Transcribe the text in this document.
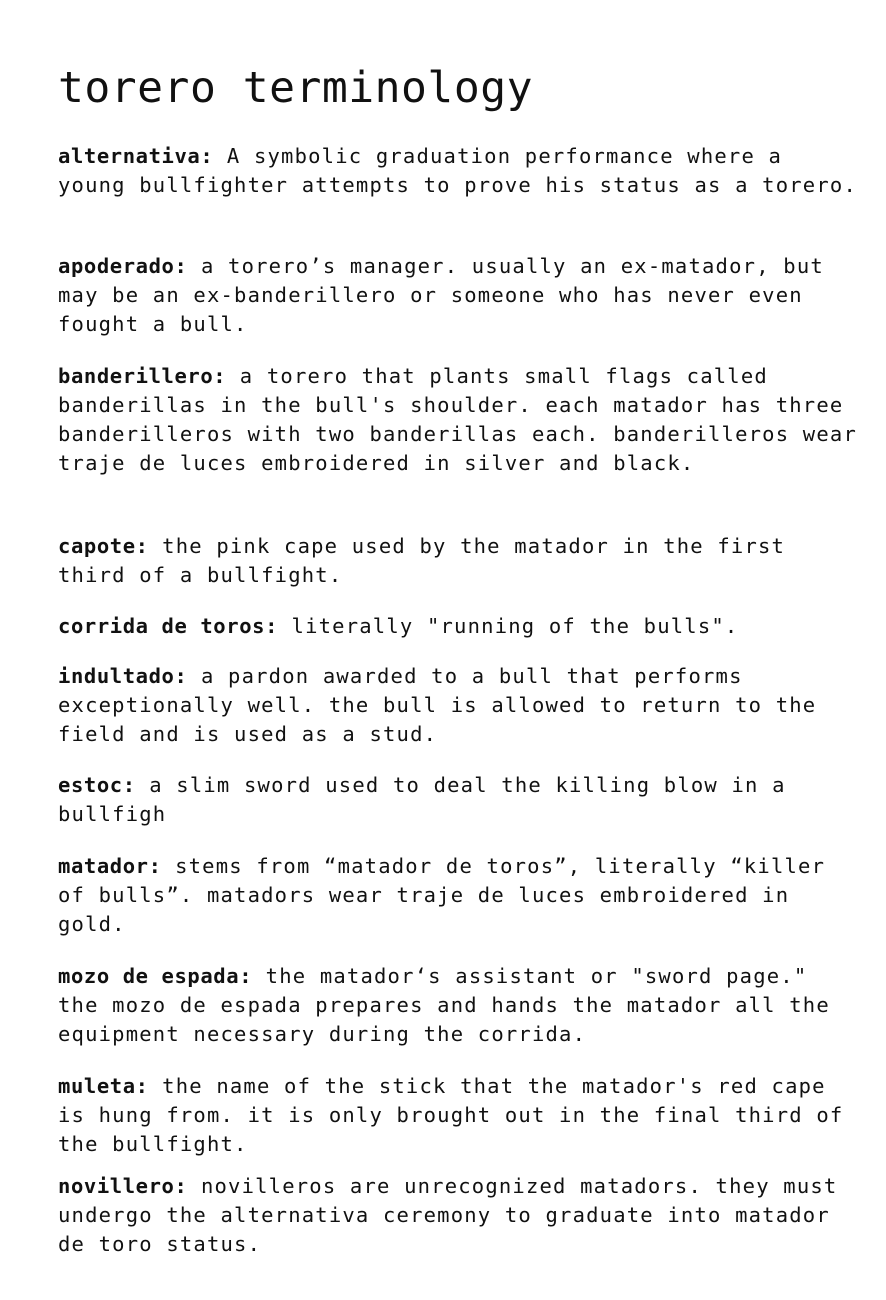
torero terminology

alternativa: A symbolic graduation performance where a young bullfighter attempts to prove his status as a torero.

apoderado: a torero’s manager. usually an ex-matador, but may be an ex-banderillero or someone who has never even fought a bull.

banderillero: a torero that plants small flags called banderillas in the bull's shoulder. each matador has three banderilleros with two banderillas each. banderilleros wear traje de luces embroidered in silver and black.

capote: the pink cape used by the matador in the first third of a bullfight.

corrida de toros: literally "running of the bulls".

indultado: a pardon awarded to a bull that performs exceptionally well. the bull is allowed to return to the field and is used as a stud.

estoc: a slim sword used to deal the killing blow in a bullfigh

matador: stems from “matador de toros”, literally “killer of bulls”. matadors wear traje de luces embroidered in gold.

mozo de espada: the matador‘s assistant or "sword page." the mozo de espada prepares and hands the matador all the equipment necessary during the corrida.

muleta: the name of the stick that the matador's red cape is hung from. it is only brought out in the final third of the bullfight.

novillero: novilleros are unrecognized matadors. they must undergo the alternativa ceremony to graduate into matador de toro status.
